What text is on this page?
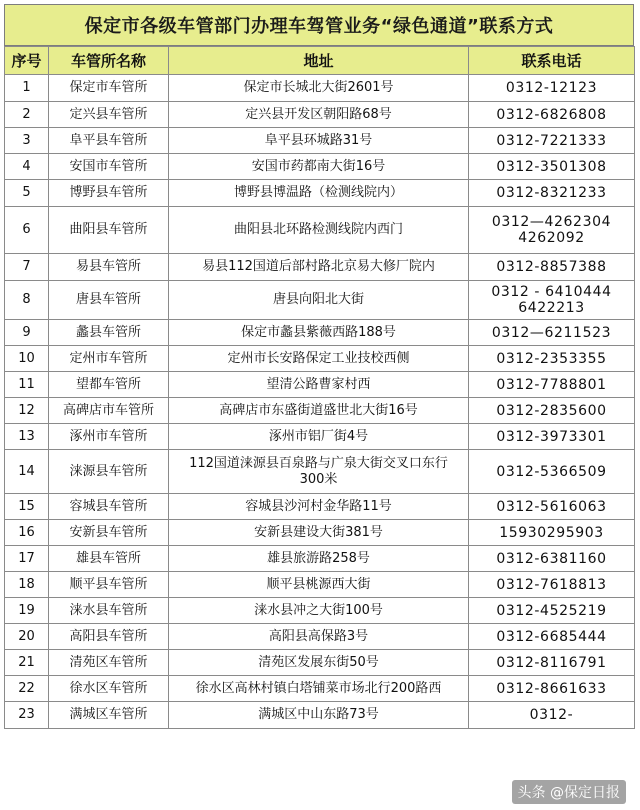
保定市各级车管部门办理车驾管业务“绿色通道”联系方式
序号	车管所名称	地址	联系电话
1	保定市车管所	保定市长城北大街2601号	0312-12123
2	定兴县车管所	定兴县开发区朝阳路68号	0312-6826808
3	阜平县车管所	阜平县环城路31号	0312-7221333
4	安国市车管所	安国市药都南大街16号	0312-3501308
5	博野县车管所	博野县博温路（检测线院内）	0312-8321233
6	曲阳县车管所	曲阳县北环路检测线院内西门	0312—4262304
4262092
7	易县车管所	易县112国道后部村路北京易大修厂院内	0312-8857388
8	唐县车管所	唐县向阳北大街	0312 - 6410444
6422213
9	蠡县车管所	保定市蠡县紫薇西路188号	0312—6211523
10	定州市车管所	定州市长安路保定工业技校西侧	0312-2353355
11	望都车管所	望清公路曹家村西	0312-7788801
12	高碑店市车管所	高碑店市东盛街道盛世北大街16号	0312-2835600
13	涿州市车管所	涿州市铝厂街4号	0312-3973301
14	涞源县车管所	112国道涞源县百泉路与广泉大街交叉口东行
300米	0312-5366509
15	容城县车管所	容城县沙河村金华路11号	0312-5616063
16	安新县车管所	安新县建设大街381号	15930295903
17	雄县车管所	雄县旅游路258号	0312-6381160
18	顺平县车管所	顺平县桃源西大街	0312-7618813
19	涞水县车管所	涞水县冲之大街100号	0312-4525219
20	高阳县车管所	高阳县高保路3号	0312-6685444
21	清苑区车管所	清苑区发展东街50号	0312-8116791
22	徐水区车管所	徐水区高林村镇白塔铺菜市场北行200路西	0312-8661633
23	满城区车管所	满城区中山东路73号	0312-
头条 @保定日报
